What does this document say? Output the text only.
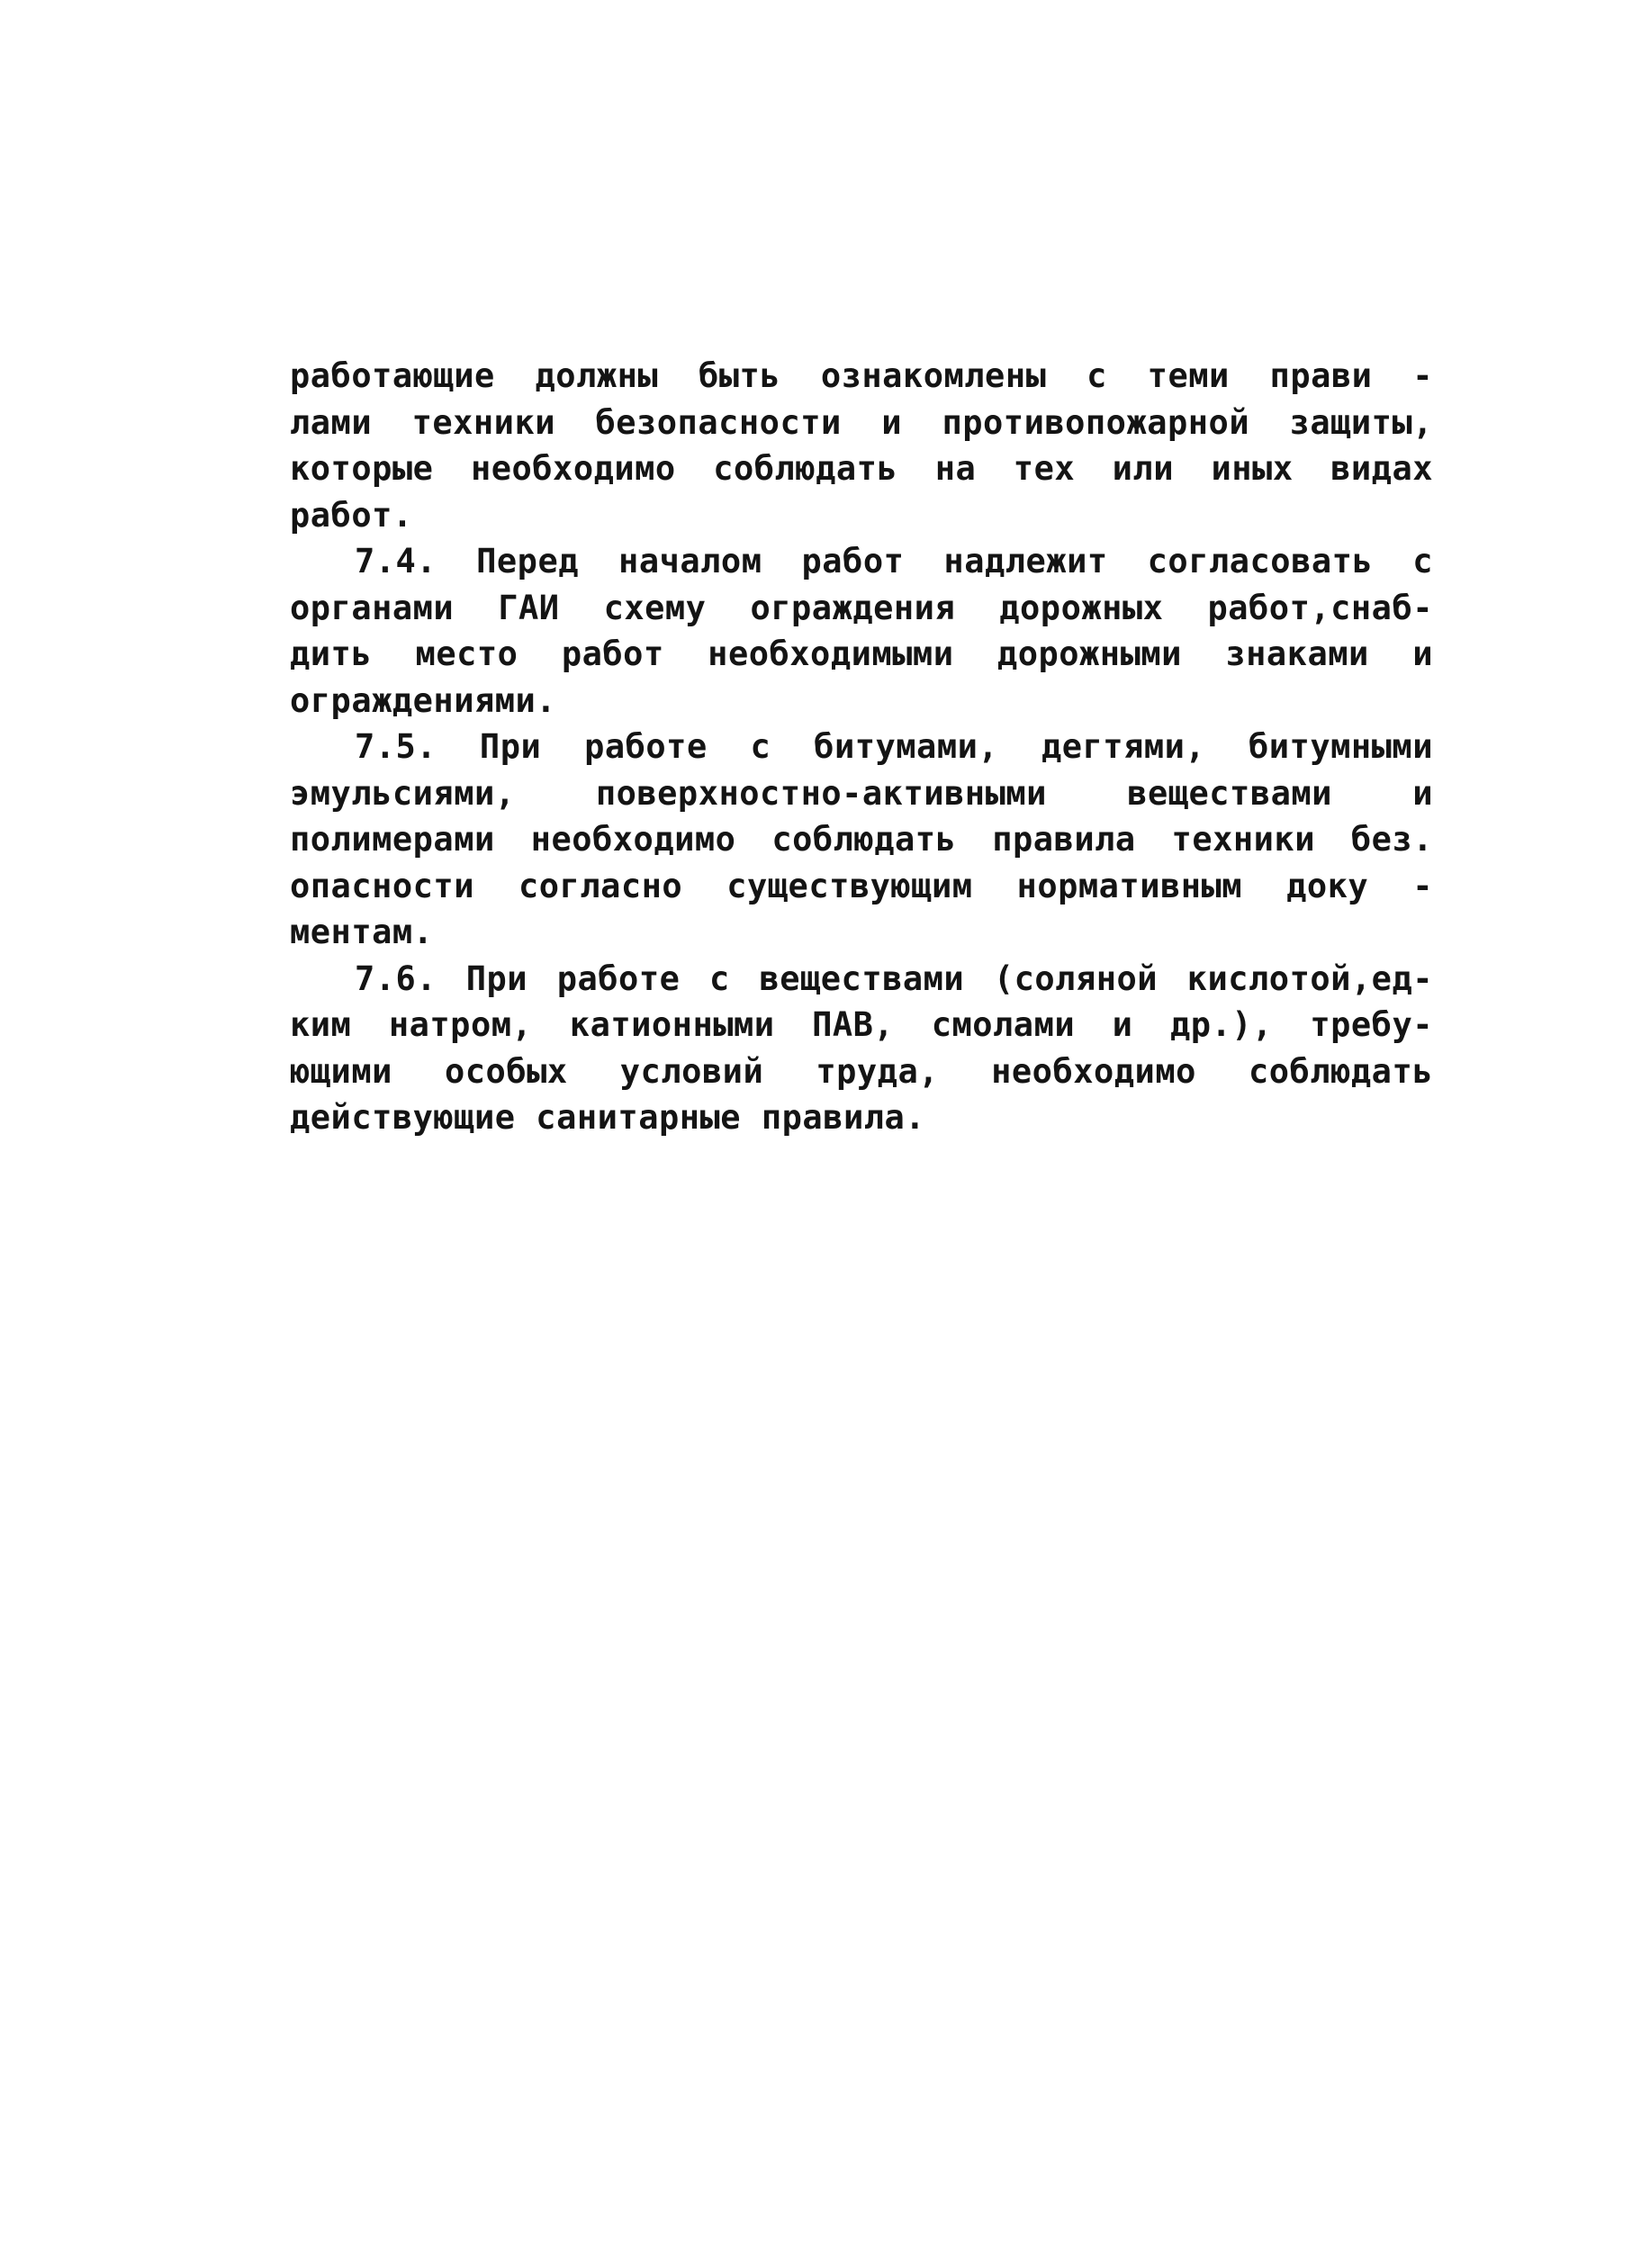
работающие должны быть ознакомлены с теми прави -
лами техники безопасности и противопожарной защиты,
которые необходимо соблюдать на тех или иных видах
работ.
7.4. Перед началом работ надлежит согласовать с
органами ГАИ схему ограждения дорожных работ,снаб-
дить место работ необходимыми дорожными знаками и
ограждениями.
7.5. При работе с битумами, дегтями, битумными
эмульсиями, поверхностно-активными веществами и
полимерами необходимо соблюдать правила техники без.
опасности согласно существующим нормативным доку -
ментам.
7.6. При работе с веществами (соляной кислотой,ед-
ким натром, катионными ПАВ, смолами и др.), требу-
ющими особых условий труда, необходимо соблюдать
действующие санитарные правила.
